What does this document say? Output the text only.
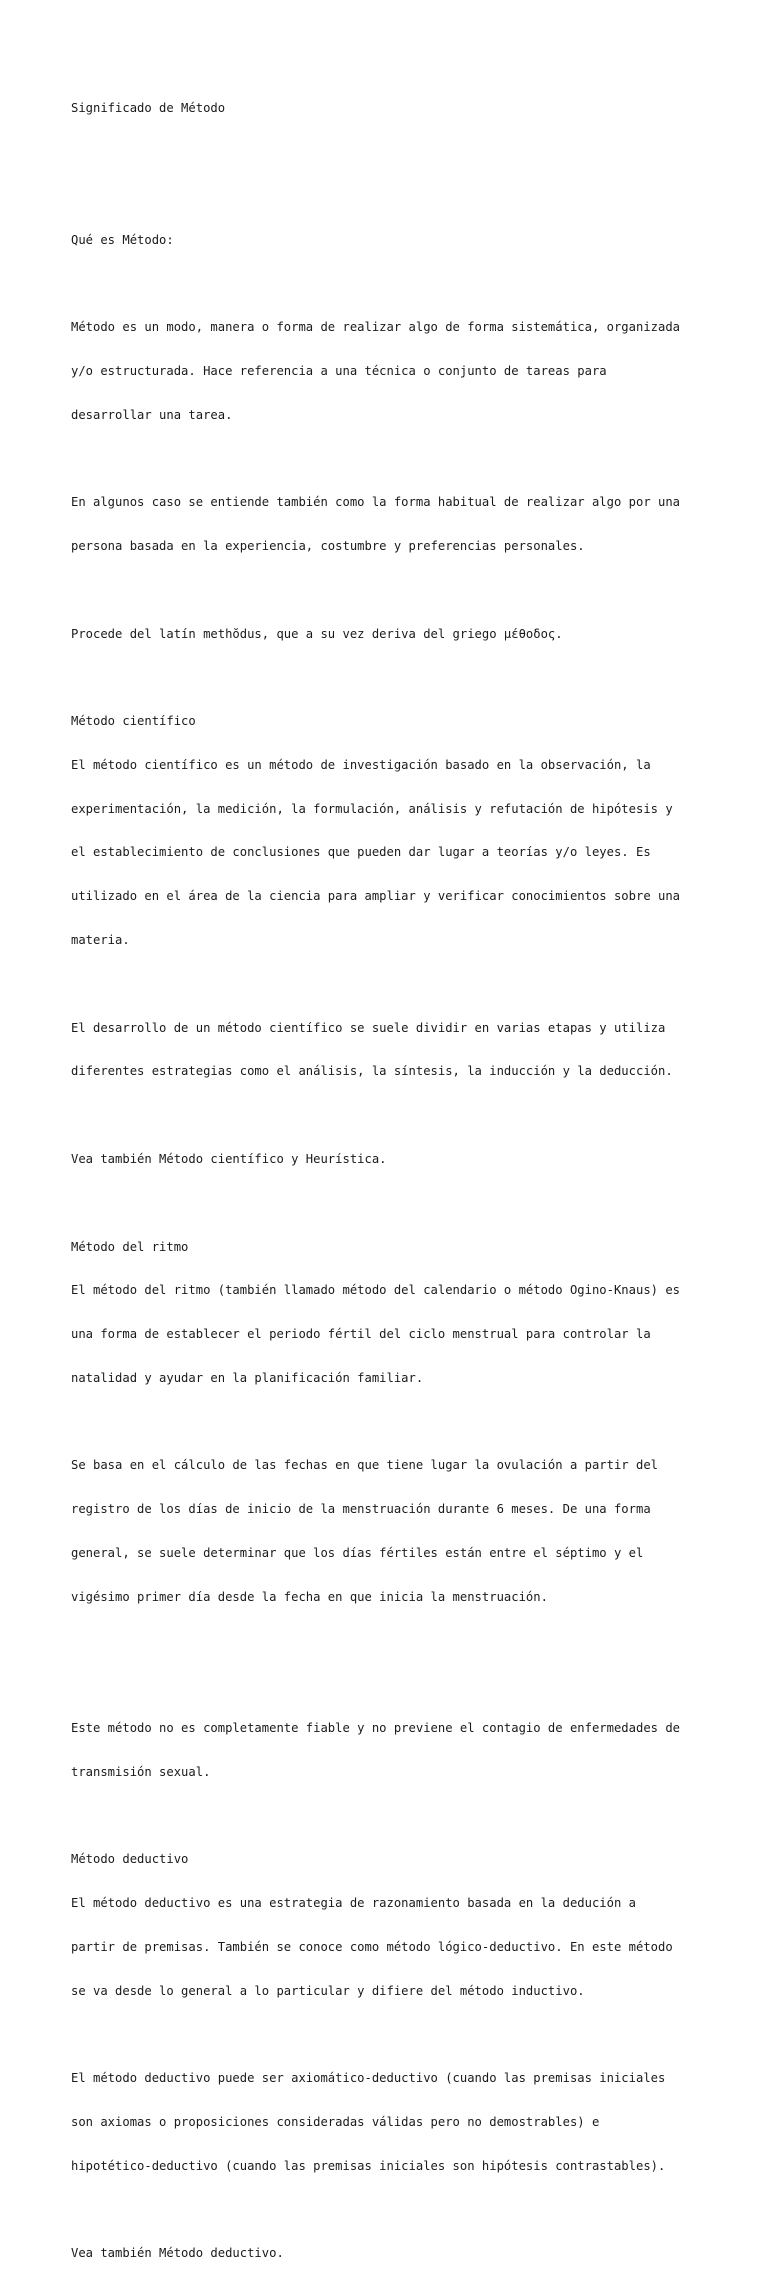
Significado de Método

Qué es Método:

Método es un modo, manera o forma de realizar algo de forma sistemática, organizada

y/o estructurada. Hace referencia a una técnica o conjunto de tareas para

desarrollar una tarea.

En algunos caso se entiende también como la forma habitual de realizar algo por una

persona basada en la experiencia, costumbre y preferencias personales.

Procede del latín methŏdus, que a su vez deriva del griego μέθοδος.

Método científico

El método científico es un método de investigación basado en la observación, la

experimentación, la medición, la formulación, análisis y refutación de hipótesis y

el establecimiento de conclusiones que pueden dar lugar a teorías y/o leyes. Es

utilizado en el área de la ciencia para ampliar y verificar conocimientos sobre una

materia.

El desarrollo de un método científico se suele dividir en varias etapas y utiliza

diferentes estrategias como el análisis, la síntesis, la inducción y la deducción.

Vea también Método científico y Heurística.

Método del ritmo

El método del ritmo (también llamado método del calendario o método Ogino-Knaus) es

una forma de establecer el periodo fértil del ciclo menstrual para controlar la

natalidad y ayudar en la planificación familiar.

Se basa en el cálculo de las fechas en que tiene lugar la ovulación a partir del

registro de los días de inicio de la menstruación durante 6 meses. De una forma

general, se suele determinar que los días fértiles están entre el séptimo y el

vigésimo primer día desde la fecha en que inicia la menstruación.

Este método no es completamente fiable y no previene el contagio de enfermedades de

transmisión sexual.

Método deductivo

El método deductivo es una estrategia de razonamiento basada en la dedución a

partir de premisas. También se conoce como método lógico-deductivo. En este método

se va desde lo general a lo particular y difiere del método inductivo.

El método deductivo puede ser axiomático-deductivo (cuando las premisas iniciales

son axiomas o proposiciones consideradas válidas pero no demostrables) e

hipotético-deductivo (cuando las premisas iniciales son hipótesis contrastables).

Vea también Método deductivo.
